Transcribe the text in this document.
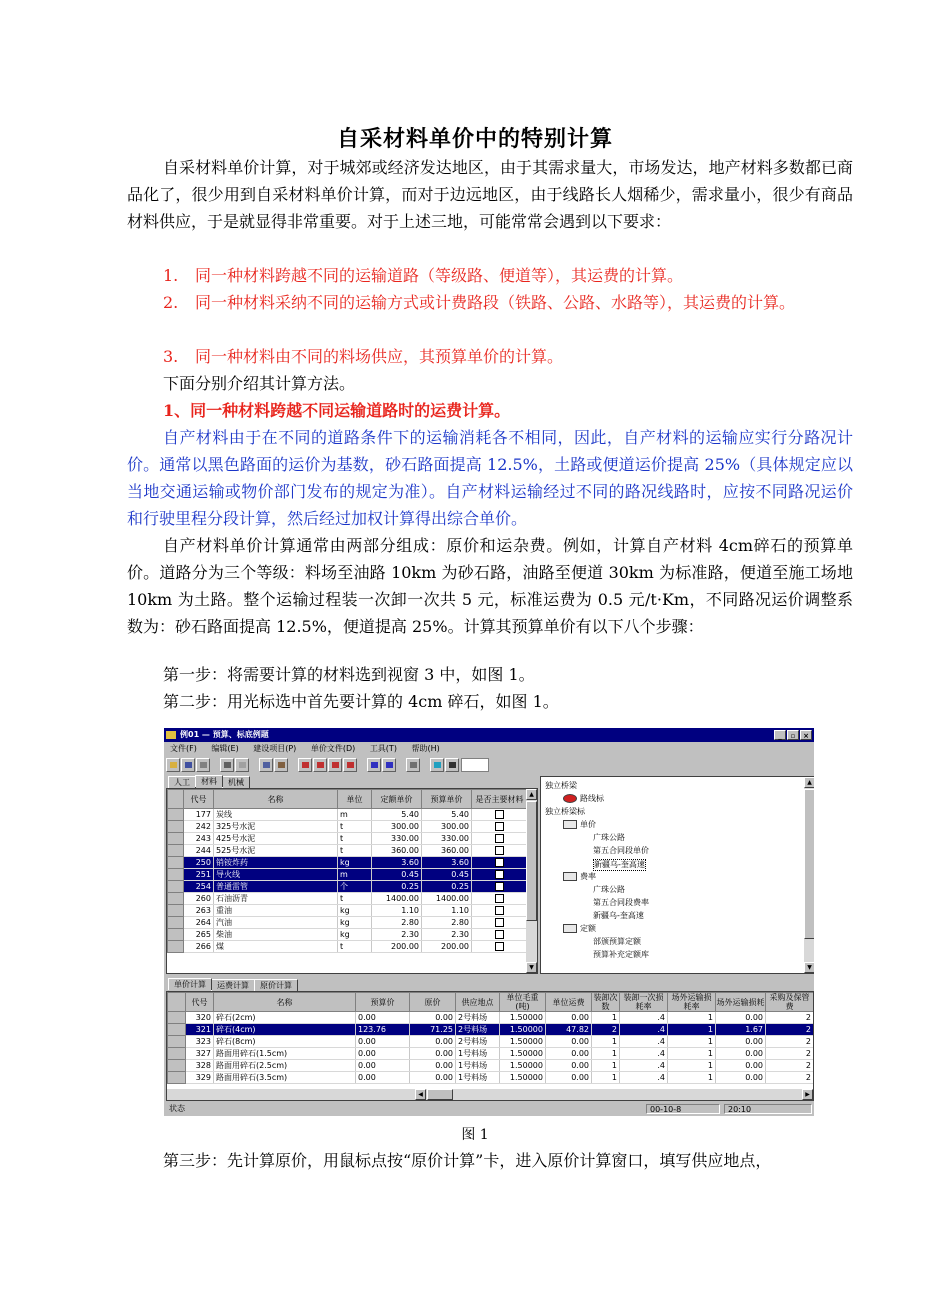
自采材料单价中的特别计算

自采材料单价计算，对于城郊或经济发达地区，由于其需求量大，市场发达，地产材料多数都已商品化了，很少用到自采材料单价计算，而对于边远地区，由于线路长人烟稀少，需求量小，很少有商品材料供应，于是就显得非常重要。对于上述三地，可能常常会遇到以下要求：

1.	同一种材料跨越不同的运输道路（等级路、便道等），其运费的计算。
2.	同一种材料采纳不同的运输方式或计费路段（铁路、公路、水路等），其运费的计算。
3.	同一种材料由不同的料场供应，其预算单价的计算。

下面分别介绍其计算方法。

1、同一种材料跨越不同运输道路时的运费计算。

自产材料由于在不同的道路条件下的运输消耗各不相同，因此，自产材料的运输应实行分路况计价。通常以黑色路面的运价为基数，砂石路面提高 12.5%，土路或便道运价提高 25%（具体规定应以当地交通运输或物价部门发布的规定为准）。自产材料运输经过不同的路况线路时，应按不同路况运价和行驶里程分段计算，然后经过加权计算得出综合单价。

自产材料单价计算通常由两部分组成：原价和运杂费。例如，计算自产材料 4cm碎石的预算单价。道路分为三个等级：料场至油路 10km 为砂石路，油路至便道 30km 为标准路，便道至施工场地 10km 为土路。整个运输过程装一次卸一次共 5 元，标准运费为 0.5 元/t·Km，不同路况运价调整系数为：砂石路面提高 12.5%，便道提高 25%。计算其预算单价有以下八个步骤：

第一步：将需要计算的材料选到视窗 3 中，如图 1。

第二步：用光标选中首先要计算的 4cm 碎石，如图 1。

例01 — 预算、标底例题	_	▫	×
文件(F) 编辑(E) 建设项目(P) 单价文件(D) 工具(T) 帮助(H)
人工 材料 机械
	代号	名称	单位	定额单价	预算单价	是否主要材料
	177	炭线	m	5.40	5.40	
	242	325号水泥	t	300.00	300.00	
	243	425号水泥	t	330.00	330.00	
	244	525号水泥	t	360.00	360.00	
	250	销铵炸药	kg	3.60	3.60	
	251	导火线	m	0.45	0.45	
	254	普通雷管	个	0.25	0.25	
	260	石油沥青	t	1400.00	1400.00	
	263	重油	kg	1.10	1.10	
	264	汽油	kg	2.80	2.80	
	265	柴油	kg	2.30	2.30	
	266	煤	t	200.00	200.00	
▲
▼
▲
▼
独立桥梁
路线标
独立桥梁标
单价
广珠公路
第五合同段单价
新疆乌-奎高速
费率
广珠公路
第五合同段费率
新疆乌-奎高速
定额
部颁预算定额
预算补充定额库
单价计算 运费计算 原价计算
	代号	名称	预算价	原价	供应地点	单位毛重(吨)	单位运费	装卸次数	装卸一次损耗率	场外运输损耗率	场外运输损耗	采购及保管费
	320	碎石(2cm)	0.00	0.00	2号料场	1.50000	0.00	1	.4	1	0.00	2
	321	碎石(4cm)	123.76	71.25	2号料场	1.50000	47.82	2	.4	1	1.67	2
	323	碎石(8cm)	0.00	0.00	2号料场	1.50000	0.00	1	.4	1	0.00	2
	327	路面用碎石(1.5cm)	0.00	0.00	1号料场	1.50000	0.00	1	.4	1	0.00	2
	328	路面用碎石(2.5cm)	0.00	0.00	1号料场	1.50000	0.00	1	.4	1	0.00	2
	329	路面用碎石(3.5cm)	0.00	0.00	1号料场	1.50000	0.00	1	.4	1	0.00	2
◀	▶
状态	00-10-8	20:10
图 1

第三步：先计算原价，用鼠标点按“原价计算”卡，进入原价计算窗口，填写供应地点，
